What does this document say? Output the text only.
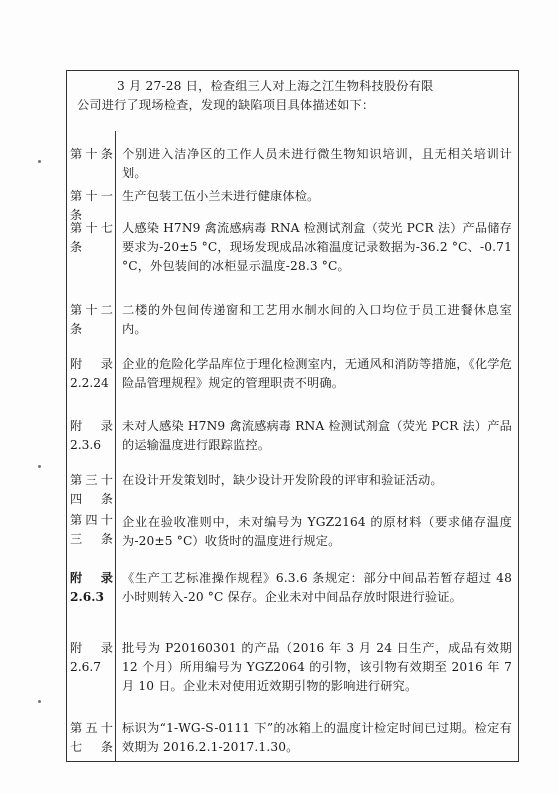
3 月 27-28 日，检查组三人对上海之江生物科技股份有限

公司进行了现场检查，发现的缺陷项目具体描述如下：
第十条 个别进入洁净区的工作人员未进行微生物知识培训，且无相关培训计划。
第十一条
生产包装工伍小兰未进行健康体检。
第十七条
人感染 H7N9 禽流感病毒 RNA 检测试剂盒（荧光 PCR 法）产品储存要求为-20±5 °C，现场发现成品冰箱温度记录数据为-36.2 °C、-0.71 °C，外包装间的冰柜显示温度-28.3 °C。
第十二条
二楼的外包间传递窗和工艺用水制水间的入口均位于员工进餐休息室内。
附 录 2.2.24
企业的危险化学品库位于理化检测室内，无通风和消防等措施，《化学危险品管理规程》规定的管理职责不明确。
附 录 2.3.6
未对人感染 H7N9 禽流感病毒 RNA 检测试剂盒（荧光 PCR 法）产品的运输温度进行跟踪监控。
第三十四条
在设计开发策划时，缺少设计开发阶段的评审和验证活动。
第四十三条
企业在验收准则中，未对编号为 YGZ2164 的原材料（要求储存温度为-20±5 °C）收货时的温度进行规定。
附 录 2.6.3
《生产工艺标准操作规程》6.3.6 条规定：部分中间品若暂存超过 48 小时则转入-20 °C 保存。企业未对中间品存放时限进行验证。
附 录 2.6.7
批号为 P20160301 的产品（2016 年 3 月 24 日生产，成品有效期 12 个月）所用编号为 YGZ2064 的引物，该引物有效期至 2016 年 7 月 10 日。企业未对使用近效期引物的影响进行研究。
第五十七条
标识为“1-WG-S-0111 下”的冰箱上的温度计检定时间已过期。检定有效期为 2016.2.1-2017.1.30。
